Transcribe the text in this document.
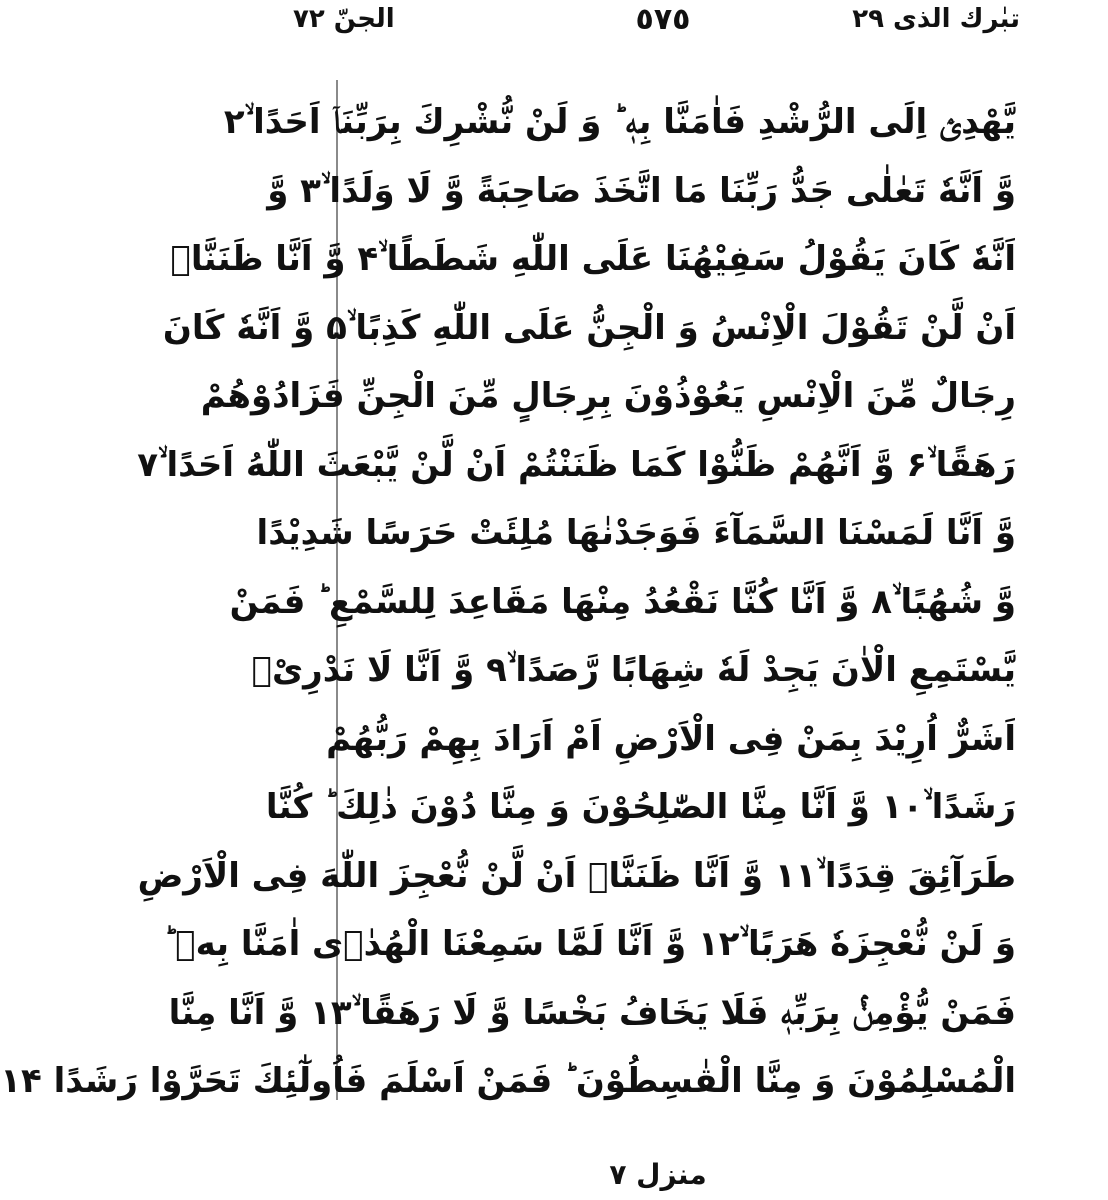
تبٰرك الذی ٢٩
٥٧٥
الجنّ ٧٢
يَّهْدِیْۤ اِلَی الرُّشْدِ فَاٰمَنَّا بِهٖ ؕ وَ لَنْ نُّشْرِكَ بِرَبِّنَاۤ اَحَدًا ۙ۲
وَّ اَنَّهٗ تَعٰلٰی جَدُّ رَبِّنَا مَا اتَّخَذَ صَاحِبَةً وَّ لَا وَلَدًا ۙ۳ وَّ
اَنَّهٗ كَانَ يَقُوْلُ سَفِيْهُنَا عَلَی اللّٰهِ شَطَطًا ۙ۴ وَّ اَنَّا ظَنَنَّاۤ
اَنْ لَّنْ تَقُوْلَ الْاِنْسُ وَ الْجِنُّ عَلَی اللّٰهِ كَذِبًا ۙ۵ وَّ اَنَّهٗ كَانَ
رِجَالٌ مِّنَ الْاِنْسِ يَعُوْذُوْنَ بِرِجَالٍ مِّنَ الْجِنِّ فَزَادُوْهُمْ
رَهَقًا ۙ۶ وَّ اَنَّهُمْ ظَنُّوْا كَمَا ظَنَنْتُمْ اَنْ لَّنْ يَّبْعَثَ اللّٰهُ اَحَدًا ۙ۷
وَّ اَنَّا لَمَسْنَا السَّمَآءَ فَوَجَدْنٰهَا مُلِئَتْ حَرَسًا شَدِيْدًا
وَّ شُهُبًا ۙ۸ وَّ اَنَّا كُنَّا نَقْعُدُ مِنْهَا مَقَاعِدَ لِلسَّمْعِ ؕ فَمَنْ
يَّسْتَمِعِ الْاٰنَ يَجِدْ لَهٗ شِهَابًا رَّصَدًا ۙ۹ وَّ اَنَّا لَا نَدْرِیْۤ
اَشَرٌّ اُرِيْدَ بِمَنْ فِی الْاَرْضِ اَمْ اَرَادَ بِهِمْ رَبُّهُمْ
رَشَدًا ۙ۱۰ وَّ اَنَّا مِنَّا الصّٰلِحُوْنَ وَ مِنَّا دُوْنَ ذٰلِكَ ؕ كُنَّا
طَرَآئِقَ قِدَدًا ۙ۱۱ وَّ اَنَّا ظَنَنَّاۤ اَنْ لَّنْ نُّعْجِزَ اللّٰهَ فِی الْاَرْضِ
وَ لَنْ نُّعْجِزَهٗ هَرَبًا ۙ۱۲ وَّ اَنَّا لَمَّا سَمِعْنَا الْهُدٰۤی اٰمَنَّا بِهٖ ؕ
فَمَنْ يُّؤْمِنْۢ بِرَبِّهٖ فَلَا يَخَافُ بَخْسًا وَّ لَا رَهَقًا ۙ۱۳ وَّ اَنَّا مِنَّا
الْمُسْلِمُوْنَ وَ مِنَّا الْقٰسِطُوْنَ ؕ فَمَنْ اَسْلَمَ فَاُولٰٓئِكَ تَحَرَّوْا رَشَدًا ۱۴
منزل ۷
